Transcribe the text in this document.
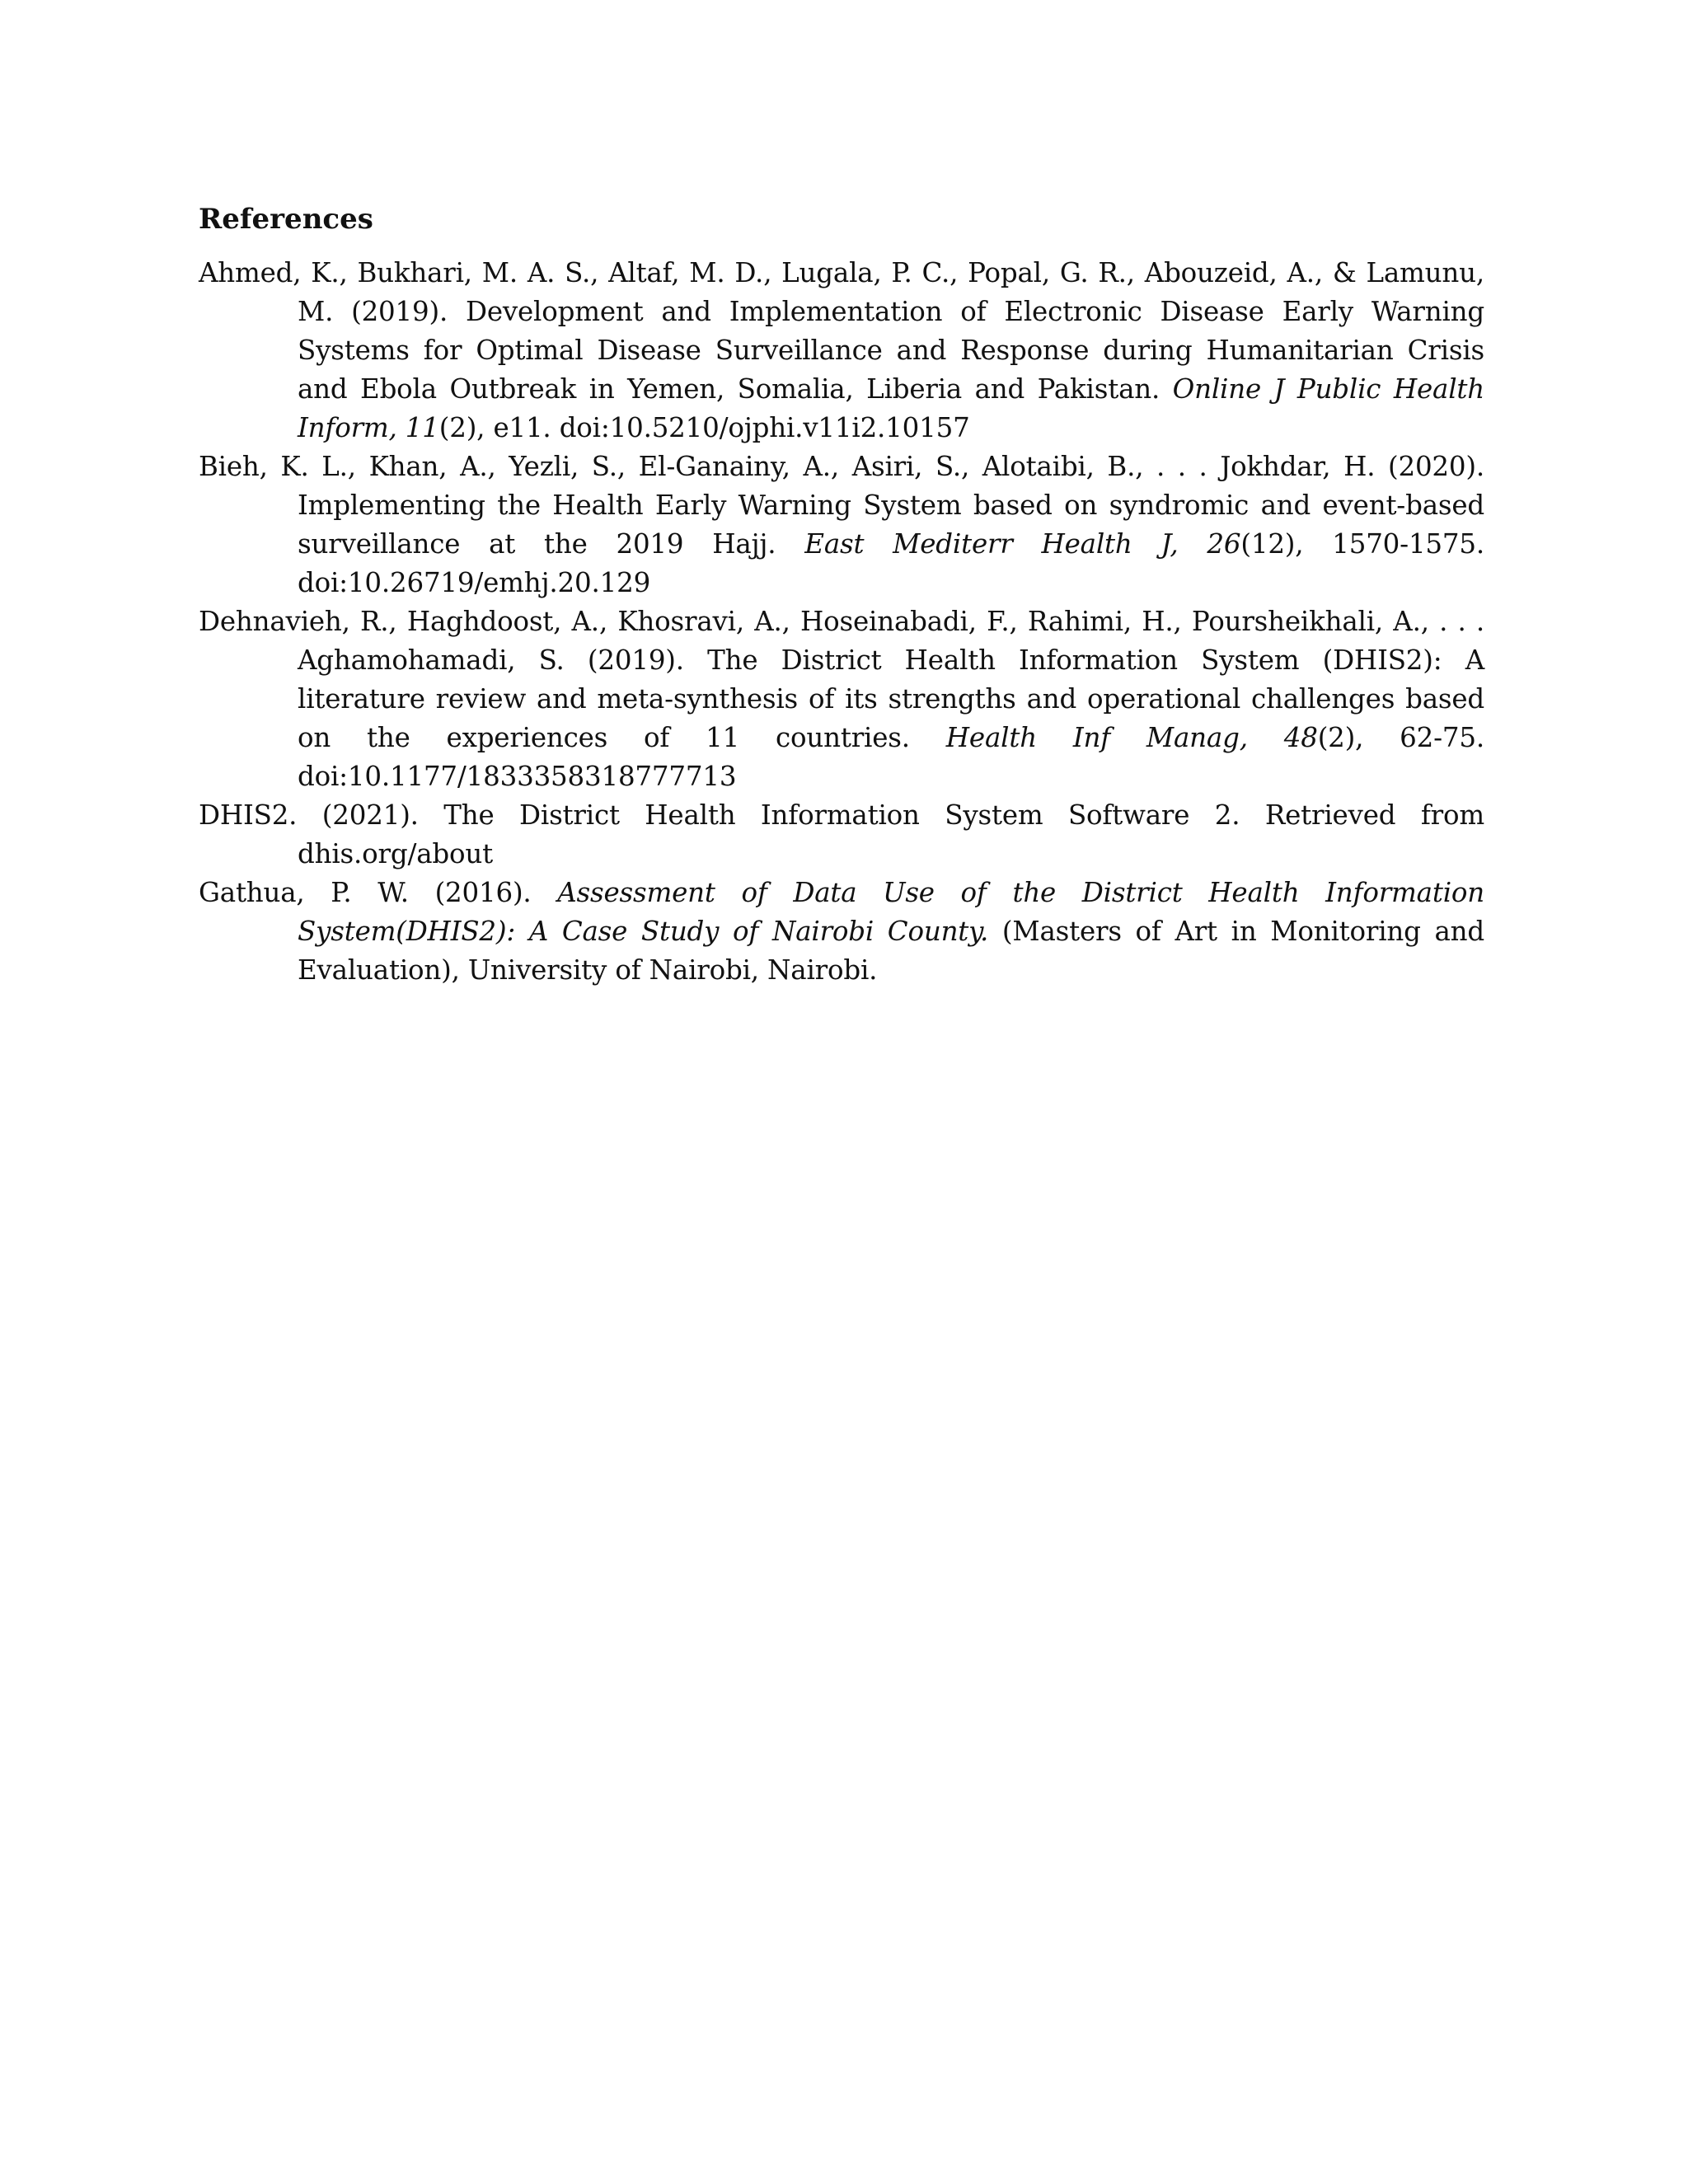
References
Ahmed, K., Bukhari, M. A. S., Altaf, M. D., Lugala, P. C., Popal, G. R., Abouzeid, A., & Lamunu, M. (2019). Development and Implementation of Electronic Disease Early Warning Systems for Optimal Disease Surveillance and Response during Humanitarian Crisis and Ebola Outbreak in Yemen, Somalia, Liberia and Pakistan. Online J Public Health Inform, 11(2), e11. doi:10.5210/ojphi.v11i2.10157
Bieh, K. L., Khan, A., Yezli, S., El-Ganainy, A., Asiri, S., Alotaibi, B., . . . Jokhdar, H. (2020). Implementing the Health Early Warning System based on syndromic and event-based surveillance at the 2019 Hajj. East Mediterr Health J, 26(12), 1570-1575. doi:10.26719/emhj.20.129
Dehnavieh, R., Haghdoost, A., Khosravi, A., Hoseinabadi, F., Rahimi, H., Poursheikhali, A., . . . Aghamohamadi, S. (2019). The District Health Information System (DHIS2): A literature review and meta-synthesis of its strengths and operational challenges based on the experiences of 11 countries. Health Inf Manag, 48(2), 62-75. doi:10.1177/1833358318777713
DHIS2. (2021). The District Health Information System Software 2. Retrieved from dhis.org/about
Gathua, P. W. (2016). Assessment of Data Use of the District Health Information System(DHIS2): A Case Study of Nairobi County. (Masters of Art in Monitoring and Evaluation), University of Nairobi, Nairobi.
